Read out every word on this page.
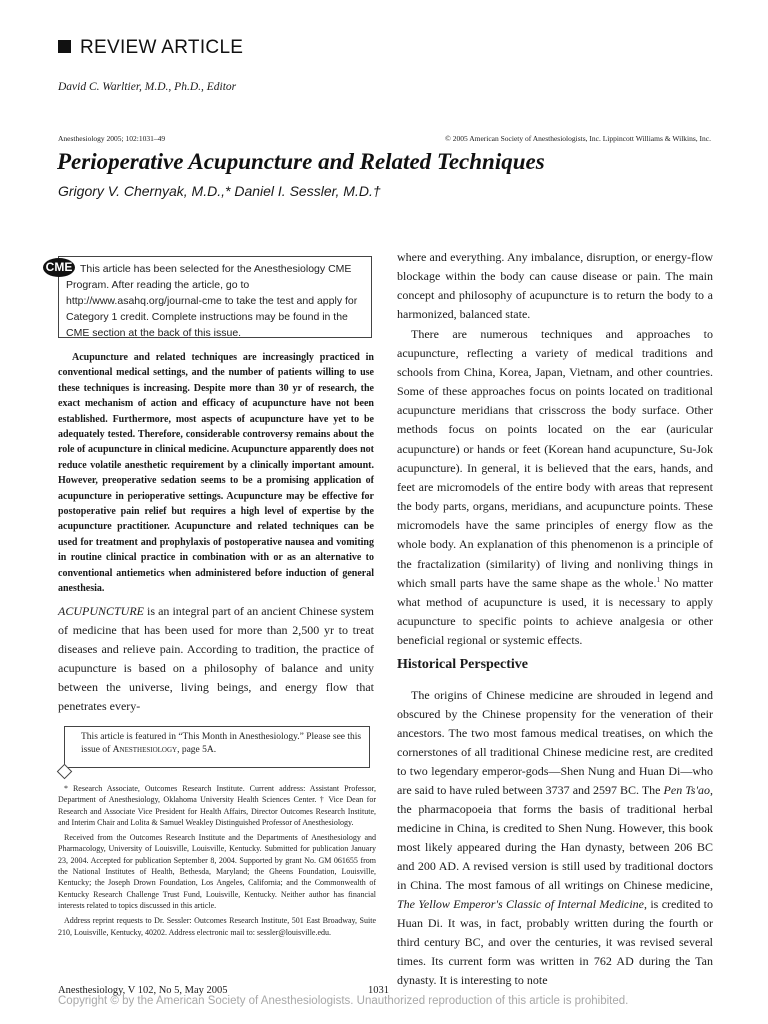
REVIEW ARTICLE
David C. Warltier, M.D., Ph.D., Editor
Anesthesiology 2005; 102:1031–49	© 2005 American Society of Anesthesiologists, Inc. Lippincott Williams & Wilkins, Inc.
Perioperative Acupuncture and Related Techniques
Grigory V. Chernyak, M.D.,* Daniel I. Sessler, M.D.†
CME This article has been selected for the Anesthesiology CME Program. After reading the article, go to http://www.asahq.org/journal-cme to take the test and apply for Category 1 credit. Complete instructions may be found in the CME section at the back of this issue.

Acupuncture and related techniques are increasingly practiced in conventional medical settings, and the number of patients willing to use these techniques is increasing. Despite more than 30 yr of research, the exact mechanism of action and efficacy of acupuncture have not been established. Furthermore, most aspects of acupuncture have yet to be adequately tested. Therefore, considerable controversy remains about the role of acupuncture in clinical medicine. Acupuncture apparently does not reduce volatile anesthetic requirement by a clinically important amount. However, preoperative sedation seems to be a promising application of acupuncture in perioperative settings. Acupuncture may be effective for postoperative pain relief but requires a high level of expertise by the acupuncture practitioner. Acupuncture and related techniques can be used for treatment and prophylaxis of postoperative nausea and vomiting in routine clinical practice in combination with or as an alternative to conventional antiemetics when administered before induction of general anesthesia.

ACUPUNCTURE is an integral part of an ancient Chinese system of medicine that has been used for more than 2,500 yr to treat diseases and relieve pain. According to tradition, the practice of acupuncture is based on a philosophy of balance and unity between the universe, living beings, and energy flow that penetrates every-

This article is featured in “This Month in Anesthesiology.” Please see this issue of Anesthesiology, page 5A.

* Research Associate, Outcomes Research Institute. Current address: Assistant Professor, Department of Anesthesiology, Oklahoma University Health Sciences Center. † Vice Dean for Research and Associate Vice President for Health Affairs, Director Outcomes Research Institute, and Interim Chair and Lolita & Samuel Weakley Distinguished Professor of Anesthesiology.

Received from the Outcomes Research Institute and the Departments of Anesthesiology and Pharmacology, University of Louisville, Louisville, Kentucky. Submitted for publication January 23, 2004. Accepted for publication September 8, 2004. Supported by grant No. GM 061655 from the National Institutes of Health, Bethesda, Maryland; the Gheens Foundation, Louisville, Kentucky; the Joseph Drown Foundation, Los Angeles, California; and the Commonwealth of Kentucky Research Challenge Trust Fund, Louisville, Kentucky. Neither author has financial interests related to topics discussed in this article.

Address reprint requests to Dr. Sessler: Outcomes Research Institute, 501 East Broadway, Suite 210, Louisville, Kentucky, 40202. Address electronic mail to: sessler@louisville.edu.

where and everything. Any imbalance, disruption, or energy-flow blockage within the body can cause disease or pain. The main concept and philosophy of acupuncture is to return the body to a harmonized, balanced state.

There are numerous techniques and approaches to acupuncture, reflecting a variety of medical traditions and schools from China, Korea, Japan, Vietnam, and other countries. Some of these approaches focus on points located on traditional acupuncture meridians that crisscross the body surface. Other methods focus on points located on the ear (auricular acupuncture) or hands or feet (Korean hand acupuncture, Su-Jok acupuncture). In general, it is believed that the ears, hands, and feet are micromodels of the entire body with areas that represent the body parts, organs, meridians, and acupuncture points. These micromodels have the same principles of energy flow as the whole body. An explanation of this phenomenon is a principle of the fractalization (similarity) of living and nonliving things in which small parts have the same shape as the whole.$^1$ No matter what method of acupuncture is used, it is necessary to apply acupuncture to specific points to achieve analgesia or other beneficial regional or systemic effects.

Historical Perspective

The origins of Chinese medicine are shrouded in legend and obscured by the Chinese propensity for the veneration of their ancestors. The two most famous medical treatises, on which the cornerstones of all traditional Chinese medicine rest, are credited to two legendary emperor-gods—Shen Nung and Huan Di—who are said to have ruled between 3737 and 2597 BC. The Pen Ts'ao, the pharmacopoeia that forms the basis of traditional herbal medicine in China, is credited to Shen Nung. However, this book most likely appeared during the Han dynasty, between 206 BC and 200 AD. A revised version is still used by traditional doctors in China. The most famous of all writings on Chinese medicine, The Yellow Emperor's Classic of Internal Medicine, is credited to Huan Di. It was, in fact, probably written during the fourth or third century BC, and over the centuries, it was revised several times. Its current form was written in 762 AD during the Tan dynasty. It is interesting to note

Anesthesiology, V 102, No 5, May 2005	1031
Copyright © by the American Society of Anesthesiologists. Unauthorized reproduction of this article is prohibited.
